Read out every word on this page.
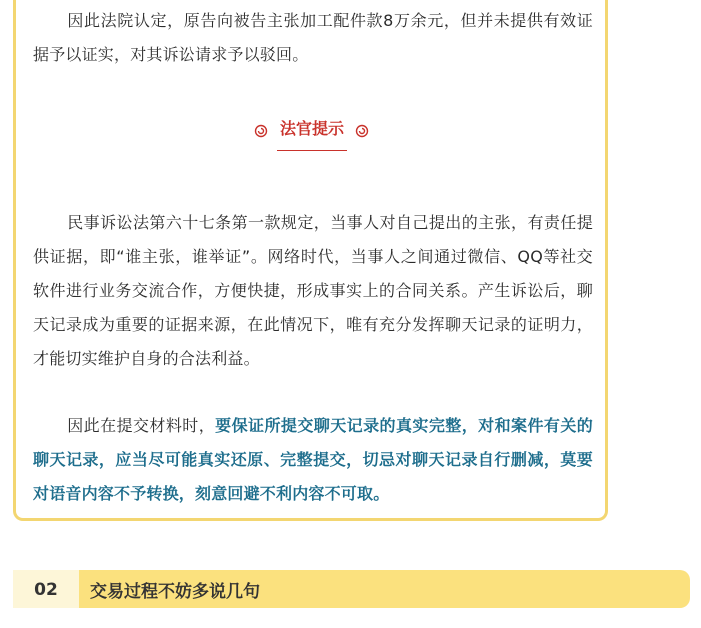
因此法院认定，原告向被告主张加工配件款8万余元，但并未提供有效证据予以证实，对其诉讼请求予以驳回。

法官提示

民事诉讼法第六十七条第一款规定，当事人对自己提出的主张，有责任提供证据，即“谁主张，谁举证”。网络时代，当事人之间通过微信、QQ等社交软件进行业务交流合作，方便快捷，形成事实上的合同关系。产生诉讼后，聊天记录成为重要的证据来源，在此情况下，唯有充分发挥聊天记录的证明力，才能切实维护自身的合法利益。

因此在提交材料时，要保证所提交聊天记录的真实完整，对和案件有关的聊天记录，应当尽可能真实还原、完整提交，切忌对聊天记录自行删减，莫要对语音内容不予转换，刻意回避不利内容不可取。

02	交易过程不妨多说几句
